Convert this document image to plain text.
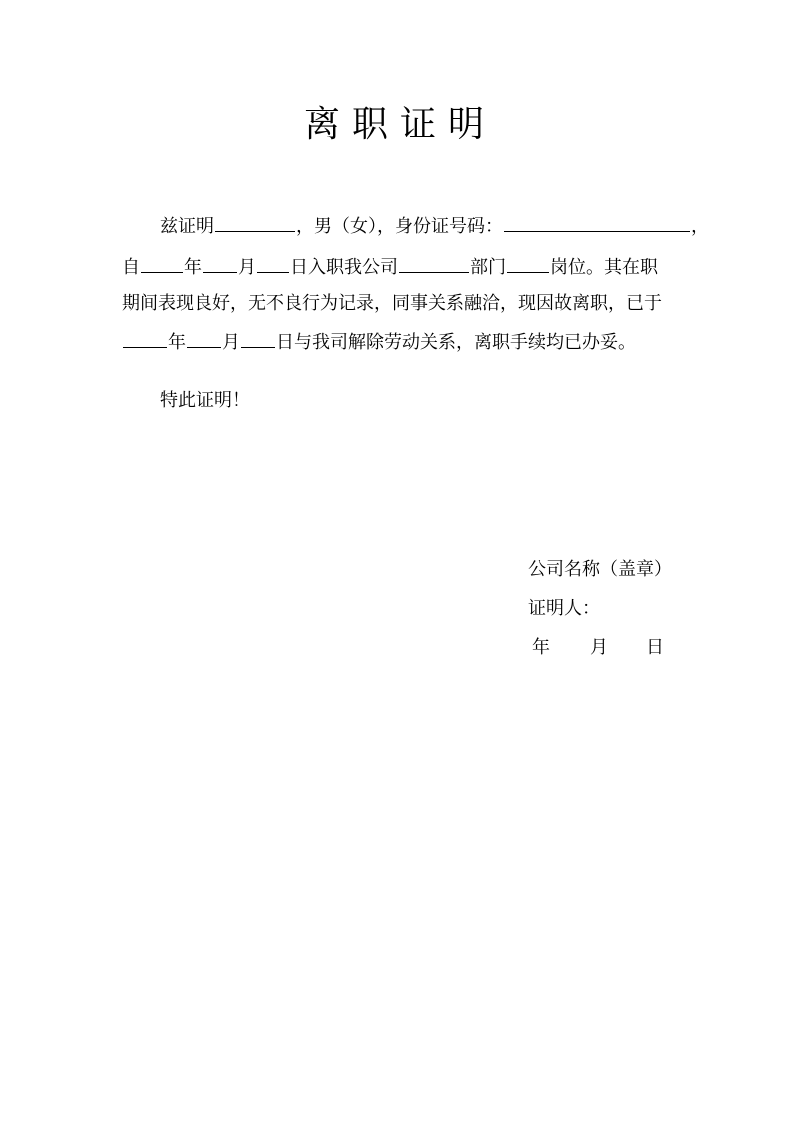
离职证明
兹证明	，男（女），身份证号码：	，
自 年 月 日入职我公司	部门 岗位。其在职
期间表现良好，无不良行为记录，同事关系融洽，现因故离职，已于
年 月 日与我司解除劳动关系，离职手续均已办妥。
特此证明！
公司名称（盖章）
证明人：
年 月 日
